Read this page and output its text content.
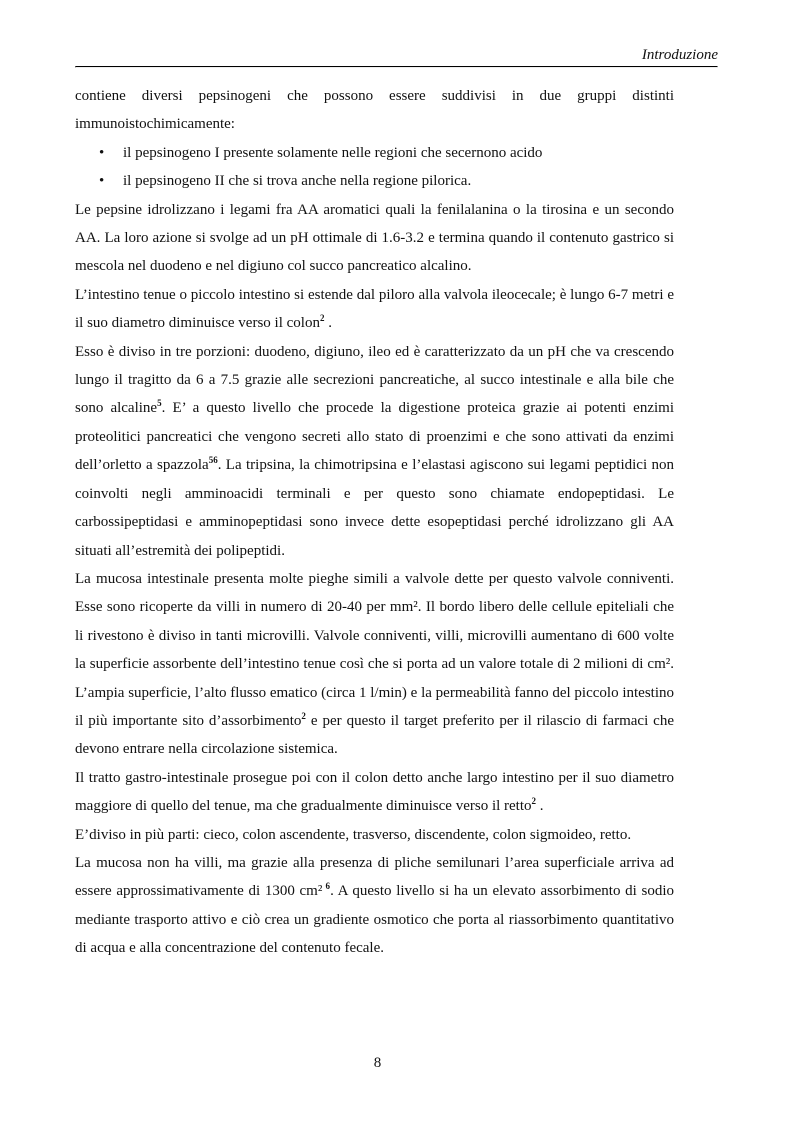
Introduzione

contiene diversi pepsinogeni che possono essere suddivisi in due gruppi distinti immunoistochimicamente:

• il pepsinogeno I presente solamente nelle regioni che secernono acido
• il pepsinogeno II che si trova anche nella regione pilorica.

Le pepsine idrolizzano i legami fra AA aromatici quali la fenilalanina o la tirosina e un secondo AA. La loro azione si svolge ad un pH ottimale di 1.6-3.2 e termina quando il contenuto gastrico si mescola nel duodeno e nel digiuno col succo pancreatico alcalino.

L’intestino tenue o piccolo intestino si estende dal piloro alla valvola ileocecale; è lungo 6-7 metri e il suo diametro diminuisce verso il colon$^2$ .

Esso è diviso in tre porzioni: duodeno, digiuno, ileo ed è caratterizzato da un pH che va crescendo lungo il tragitto da 6 a 7.5 grazie alle secrezioni pancreatiche, al succo intestinale e alla bile che sono alcaline$^5$. E’ a questo livello che procede la digestione proteica grazie ai potenti enzimi proteolitici pancreatici che vengono secreti allo stato di proenzimi e che sono attivati da enzimi dell’orletto a spazzola$^{56}$. La tripsina, la chimotripsina e l’elastasi agiscono sui legami peptidici non coinvolti negli amminoacidi terminali e per questo sono chiamate endopeptidasi. Le carbossipeptidasi e amminopeptidasi sono invece dette esopeptidasi perché idrolizzano gli AA situati all’estremità dei polipeptidi.

La mucosa intestinale presenta molte pieghe simili a valvole dette per questo valvole conniventi. Esse sono ricoperte da villi in numero di 20-40 per mm². Il bordo libero delle cellule epiteliali che li rivestono è diviso in tanti microvilli. Valvole conniventi, villi, microvilli aumentano di 600 volte la superficie assorbente dell’intestino tenue così che si porta ad un valore totale di 2 milioni di cm². L’ampia superficie, l’alto flusso ematico (circa 1 l/min) e la permeabilità fanno del piccolo intestino il più importante sito d’assorbimento$^2$ e per questo il target preferito per il rilascio di farmaci che devono entrare nella circolazione sistemica.

Il tratto gastro-intestinale prosegue poi con il colon detto anche largo intestino per il suo diametro maggiore di quello del tenue, ma che gradualmente diminuisce verso il retto$^2$ .

E’diviso in più parti: cieco, colon ascendente, trasverso, discendente, colon sigmoideo, retto.

La mucosa non ha villi, ma grazie alla presenza di pliche semilunari l’area superficiale arriva ad essere approssimativamente di 1300 cm² $^6$. A questo livello si ha un elevato assorbimento di sodio mediante trasporto attivo e ciò crea un gradiente osmotico che porta al riassorbimento quantitativo di acqua e alla concentrazione del contenuto fecale.

8
